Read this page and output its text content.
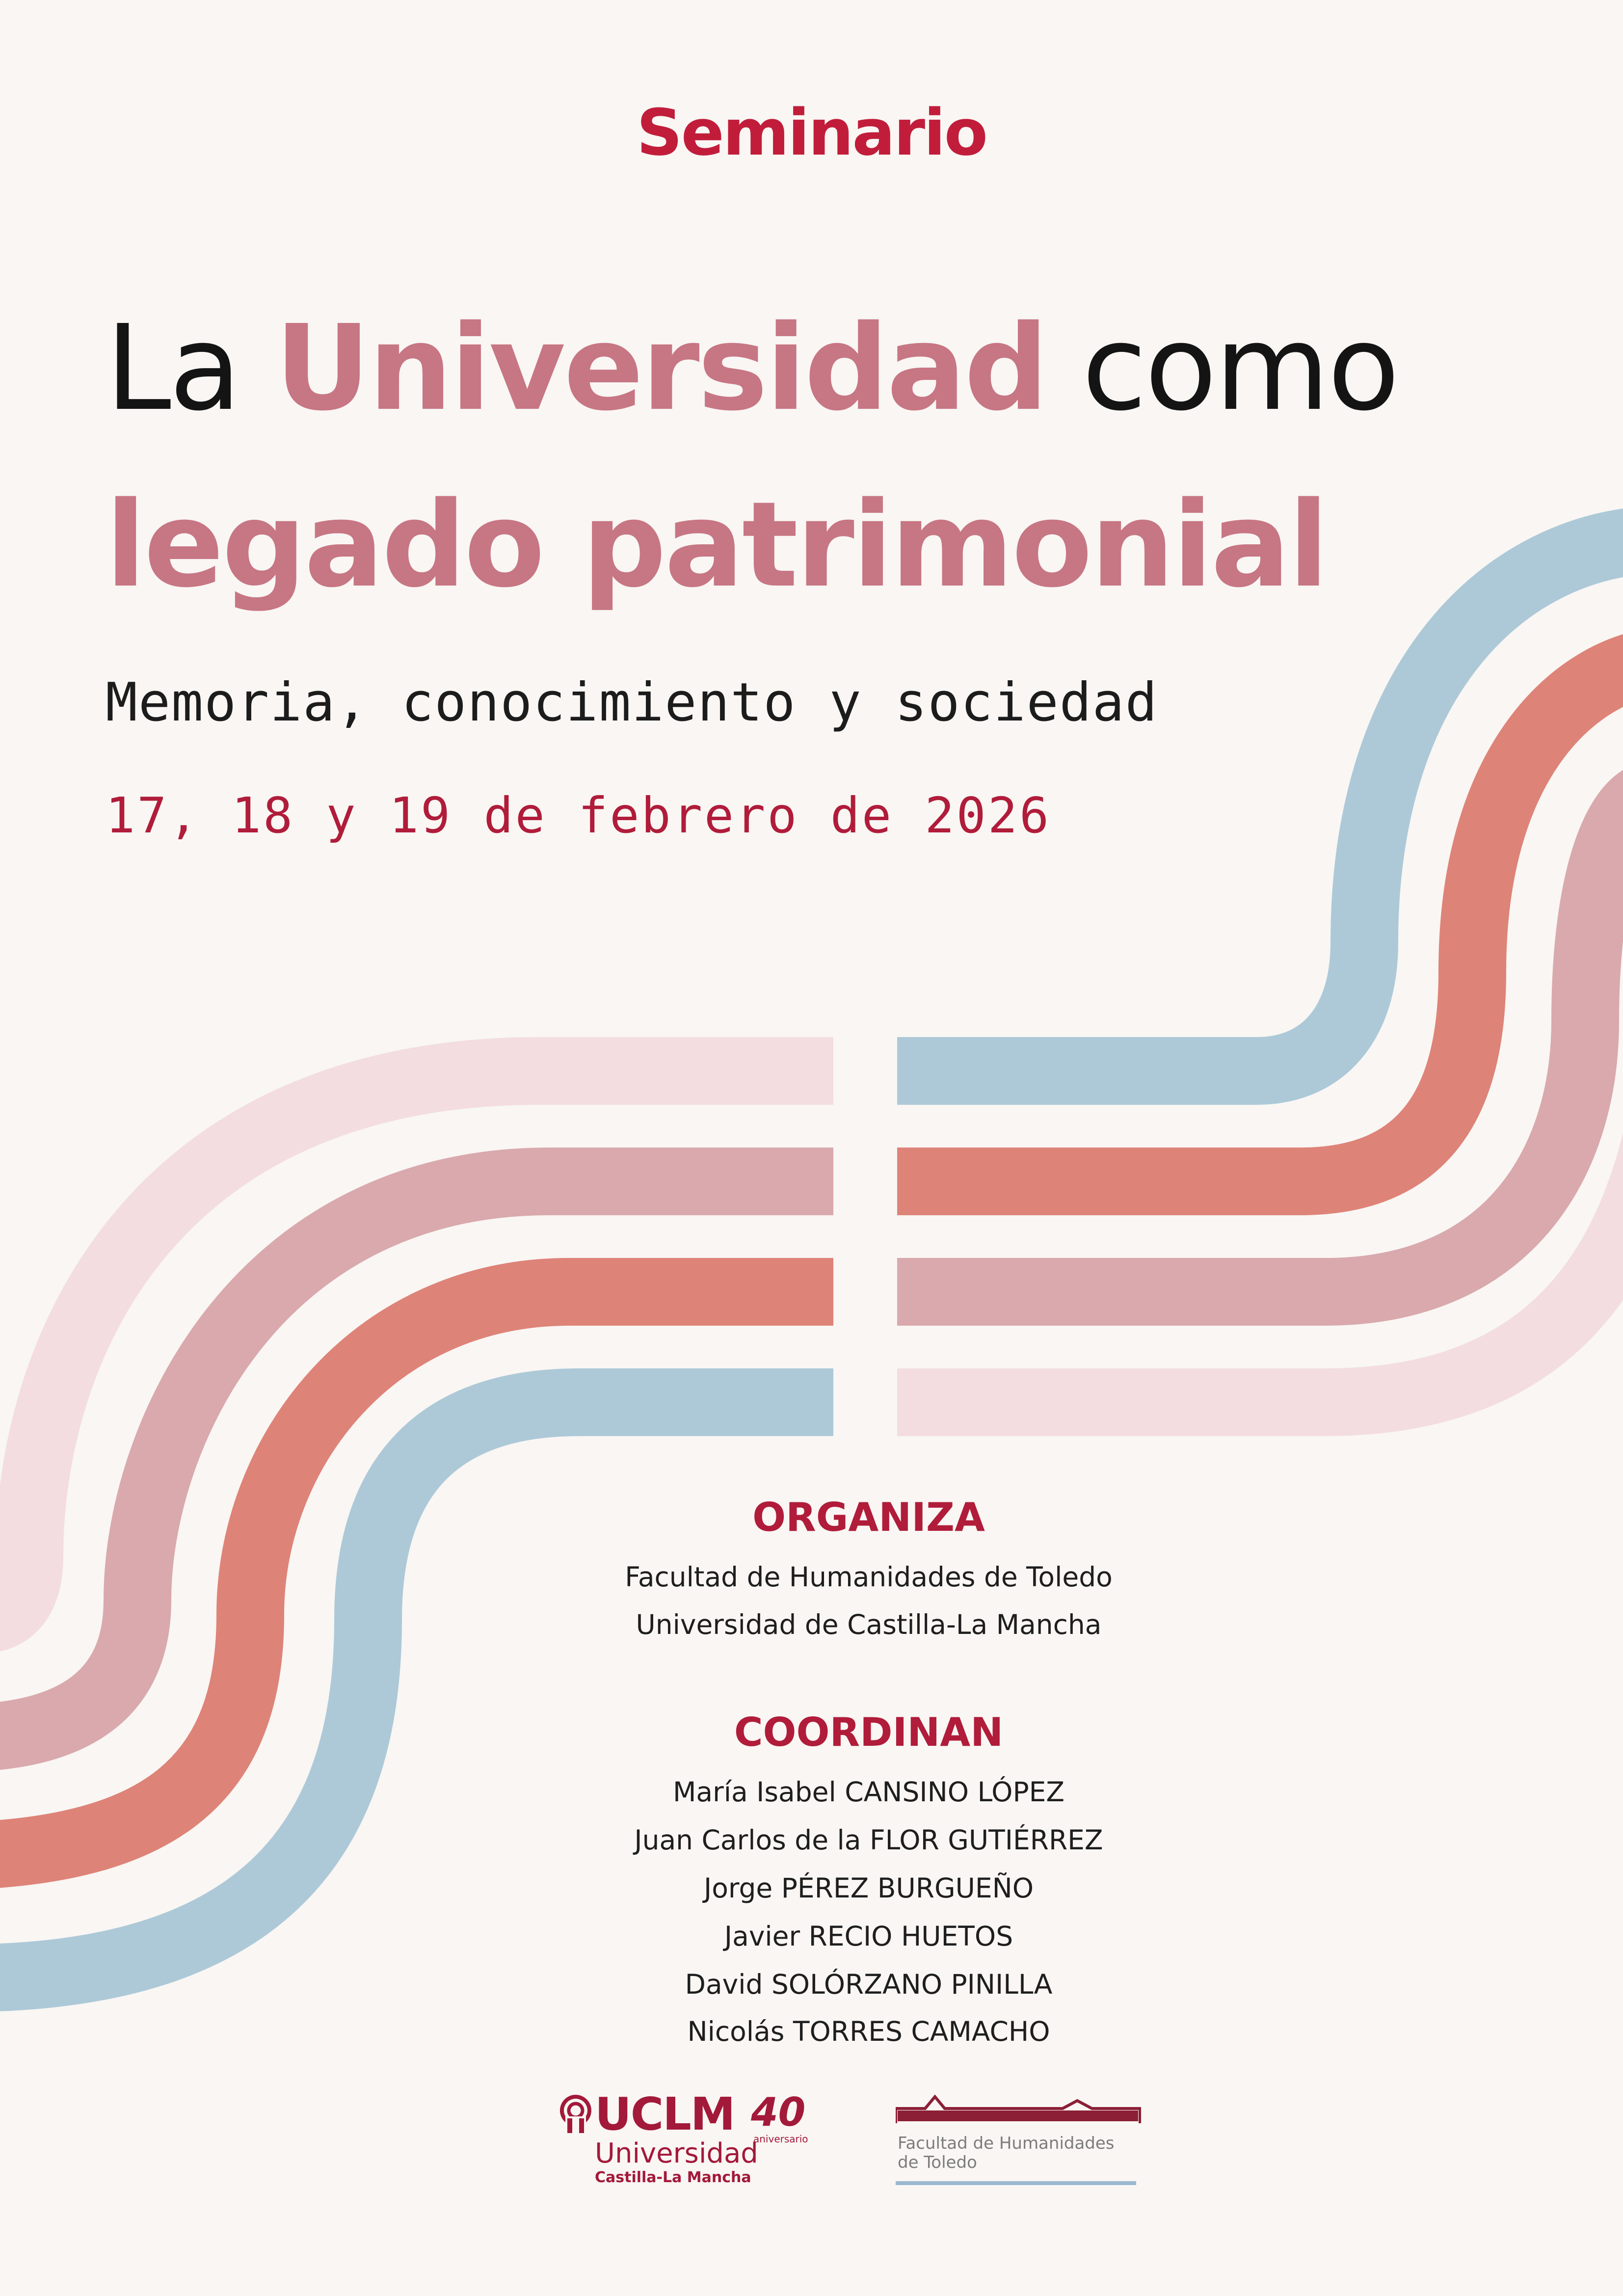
Seminario
La Universidad como
legado patrimonial
Memoria, conocimiento y sociedad
17, 18 y 19 de febrero de 2026
ORGANIZA
Facultad de Humanidades de Toledo
Universidad de Castilla-La Mancha
COORDINAN
María Isabel CANSINO LÓPEZ
Juan Carlos de la FLOR GUTIÉRREZ
Jorge PÉREZ BURGUEÑO
Javier RECIO HUETOS
David SOLÓRZANO PINILLA
Nicolás TORRES CAMACHO
UCLM 40
aniversario
Universidad
Castilla-La Mancha
Facultad de Humanidades
de Toledo
